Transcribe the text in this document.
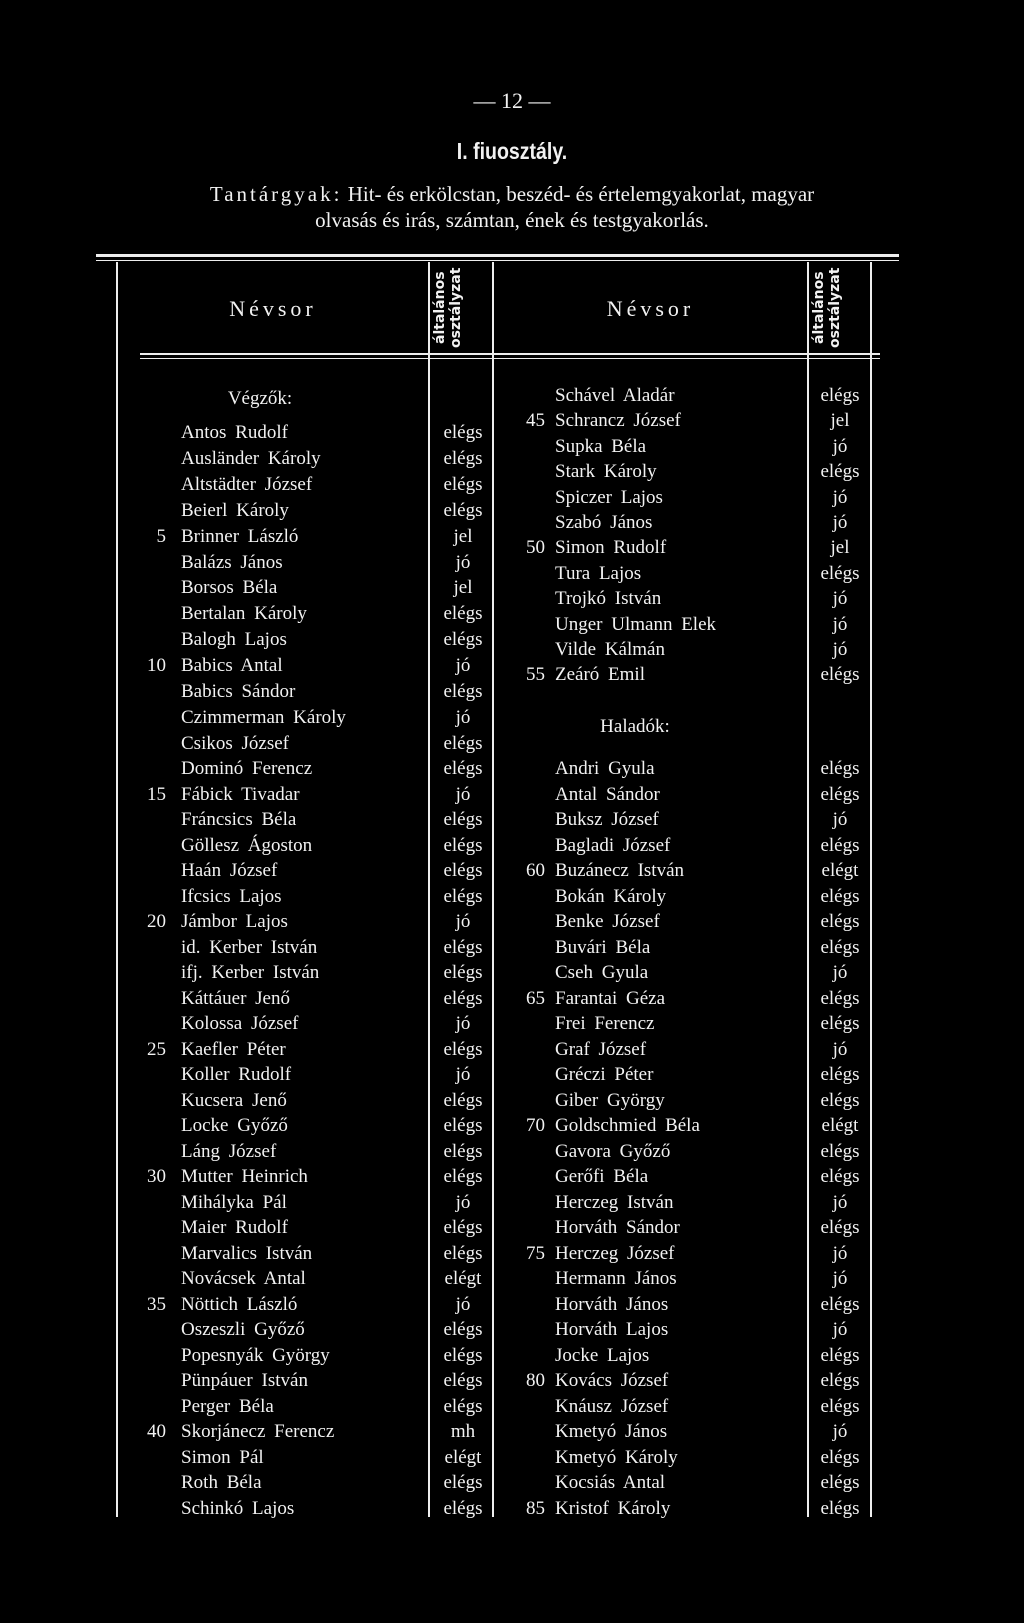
— 12 —
I. fiuosztály.
Tantárgyak: Hit- és erkölcstan, beszéd- és értelemgyakorlat, magyar
olvasás és irás, számtan, ének és testgyakorlás.
Névsor	általános osztályzat	Névsor	általános osztályzat
Végzők:
Haladók:
Antos Rudolf	elégs
Ausländer Károly	elégs
Altstädter József	elégs
Beierl Károly	elégs
5 Brinner László	jel
Balázs János	jó
Borsos Béla	jel
Bertalan Károly	elégs
Balogh Lajos	elégs
10 Babics Antal	jó
Babics Sándor	elégs
Czimmerman Károly	jó
Csikos József	elégs
Dominó Ferencz	elégs
15 Fábick Tivadar	jó
Fráncsics Béla	elégs
Göllesz Ágoston	elégs
Haán József	elégs
Ifcsics Lajos	elégs
20 Jámbor Lajos	jó
id. Kerber István	elégs
ifj. Kerber István	elégs
Káttáuer Jenő	elégs
Kolossa József	jó
25 Kaefler Péter	elégs
Koller Rudolf	jó
Kucsera Jenő	elégs
Locke Győző	elégs
Láng József	elégs
30 Mutter Heinrich	elégs
Mihályka Pál	jó
Maier Rudolf	elégs
Marvalics István	elégs
Novácsek Antal	elégt
35 Nöttich László	jó
Oszeszli Győző	elégs
Popesnyák György	elégs
Pünpáuer István	elégs
Perger Béla	elégs
40 Skorjánecz Ferencz	mh
Simon Pál	elégt
Roth Béla	elégs
Schinkó Lajos	elégs
Schável Aladár	elégs
45 Schrancz József	jel
Supka Béla	jó
Stark Károly	elégs
Spiczer Lajos	jó
Szabó János	jó
50 Simon Rudolf	jel
Tura Lajos	elégs
Trojkó István	jó
Unger Ulmann Elek	jó
Vilde Kálmán	jó
55 Zeáró Emil	elégs
Andri Gyula	elégs
Antal Sándor	elégs
Buksz József	jó
Bagladi József	elégs
60 Buzánecz István	elégt
Bokán Károly	elégs
Benke József	elégs
Buvári Béla	elégs
Cseh Gyula	jó
65 Farantai Géza	elégs
Frei Ferencz	elégs
Graf József	jó
Gréczi Péter	elégs
Giber György	elégs
70 Goldschmied Béla	elégt
Gavora Győző	elégs
Gerőfi Béla	elégs
Herczeg István	jó
Horváth Sándor	elégs
75 Herczeg József	jó
Hermann János	jó
Horváth János	elégs
Horváth Lajos	jó
Jocke Lajos	elégs
80 Kovács József	elégs
Knáusz József	elégs
Kmetyó János	jó
Kmetyó Károly	elégs
Kocsiás Antal	elégs
85 Kristof Károly	elégs
